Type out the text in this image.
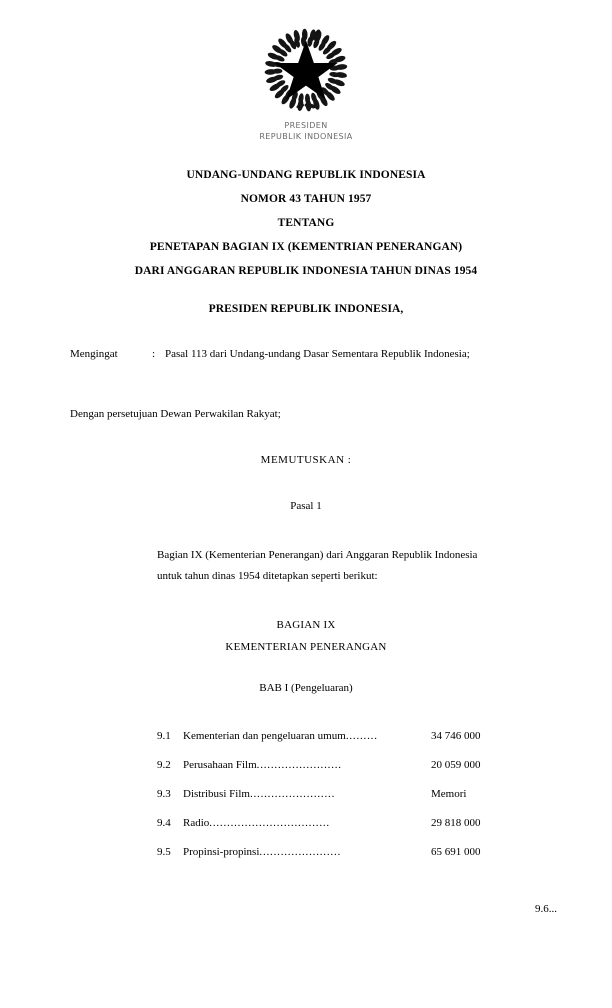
PRESIDEN
REPUBLIK INDONESIA
UNDANG-UNDANG REPUBLIK INDONESIA
NOMOR 43 TAHUN 1957
TENTANG
PENETAPAN BAGIAN IX (KEMENTRIAN PENERANGAN)
DARI ANGGARAN REPUBLIK INDONESIA TAHUN DINAS 1954
PRESIDEN REPUBLIK INDONESIA,
Mengingat	: Pasal 113 dari Undang-undang Dasar Sementara Republik Indonesia;
Dengan persetujuan Dewan Perwakilan Rakyat;
MEMUTUSKAN :
Pasal 1
Bagian IX (Kementerian Penerangan) dari Anggaran Republik Indonesia
untuk tahun dinas 1954 ditetapkan seperti berikut:
BAGIAN IX
KEMENTERIAN PENERANGAN
BAB I (Pengeluaran)
9.1 Kementerian dan pengeluaran umum.........	34 746 000
9.2 Perusahaan Film........................	20 059 000
9.3 Distribusi Film........................	Memori
9.4 Radio..................................	29 818 000
9.5 Propinsi-propinsi.......................	65 691 000
9.6...
